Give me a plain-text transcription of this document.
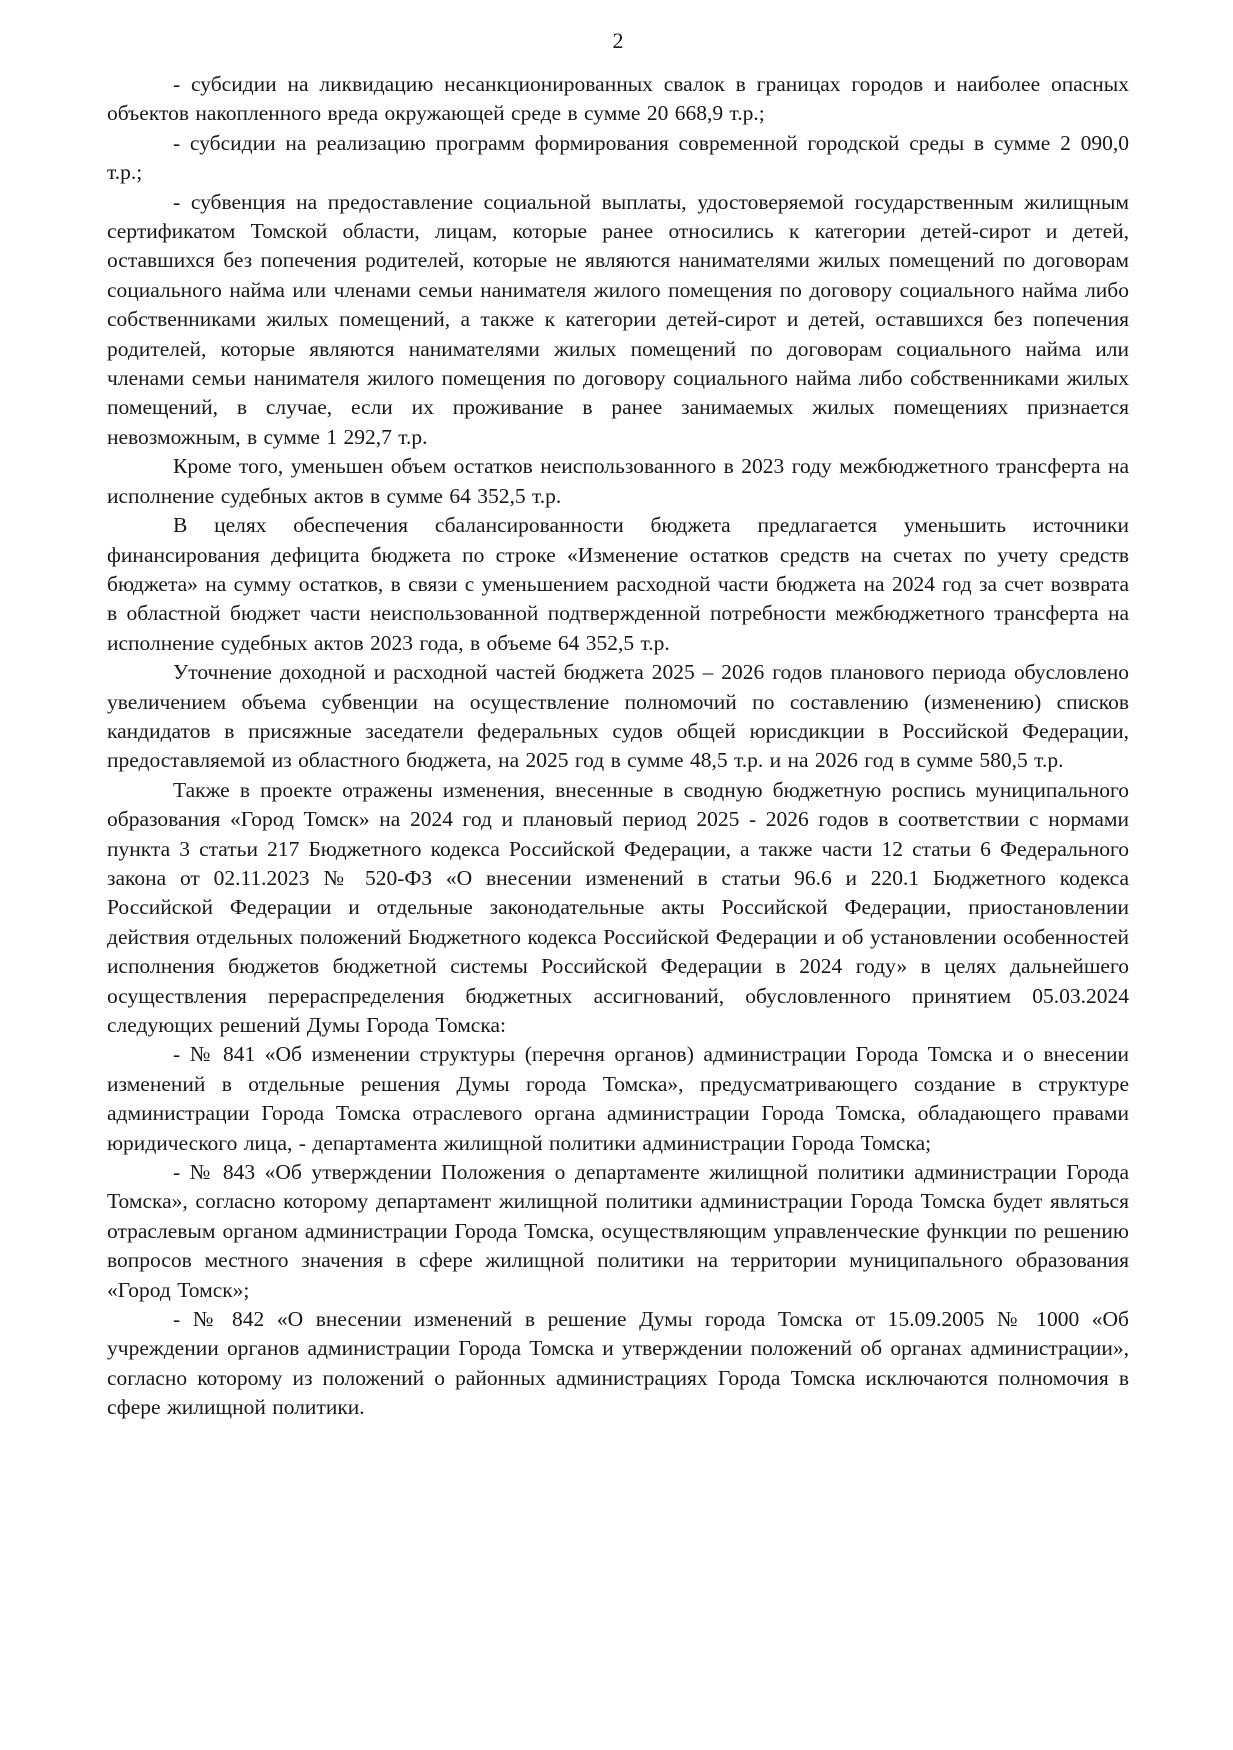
2

- субсидии на ликвидацию несанкционированных свалок в границах городов и наиболее опасных объектов накопленного вреда окружающей среде в сумме 20 668,9 т.р.;

- субсидии на реализацию программ формирования современной городской среды в сумме 2 090,0 т.р.;

- субвенция на предоставление социальной выплаты, удостоверяемой государственным жилищным сертификатом Томской области, лицам, которые ранее относились к категории детей-сирот и детей, оставшихся без попечения родителей, которые не являются нанимателями жилых помещений по договорам социального найма или членами семьи нанимателя жилого помещения по договору социального найма либо собственниками жилых помещений, а также к категории детей-сирот и детей, оставшихся без попечения родителей, которые являются нанимателями жилых помещений по договорам социального найма или членами семьи нанимателя жилого помещения по договору социального найма либо собственниками жилых помещений, в случае, если их проживание в ранее занимаемых жилых помещениях признается невозможным, в сумме 1 292,7 т.р.

Кроме того, уменьшен объем остатков неиспользованного в 2023 году межбюджетного трансферта на исполнение судебных актов в сумме 64 352,5 т.р.

В целях обеспечения сбалансированности бюджета предлагается уменьшить источники финансирования дефицита бюджета по строке «Изменение остатков средств на счетах по учету средств бюджета» на сумму остатков, в связи с уменьшением расходной части бюджета на 2024 год за счет возврата в областной бюджет части неиспользованной подтвержденной потребности межбюджетного трансферта на исполнение судебных актов 2023 года, в объеме 64 352,5 т.р.

Уточнение доходной и расходной частей бюджета 2025 – 2026 годов планового периода обусловлено увеличением объема субвенции на осуществление полномочий по составлению (изменению) списков кандидатов в присяжные заседатели федеральных судов общей юрисдикции в Российской Федерации, предоставляемой из областного бюджета, на 2025 год в сумме 48,5 т.р. и на 2026 год в сумме 580,5 т.р.

Также в проекте отражены изменения, внесенные в сводную бюджетную роспись муниципального образования «Город Томск» на 2024 год и плановый период 2025 - 2026 годов в соответствии с нормами пункта 3 статьи 217 Бюджетного кодекса Российской Федерации, а также части 12 статьи 6 Федерального закона от 02.11.2023 № 520-ФЗ «О внесении изменений в статьи 96.6 и 220.1 Бюджетного кодекса Российской Федерации и отдельные законодательные акты Российской Федерации, приостановлении действия отдельных положений Бюджетного кодекса Российской Федерации и об установлении особенностей исполнения бюджетов бюджетной системы Российской Федерации в 2024 году» в целях дальнейшего осуществления перераспределения бюджетных ассигнований, обусловленного принятием 05.03.2024 следующих решений Думы Города Томска:

- № 841 «Об изменении структуры (перечня органов) администрации Города Томска и о внесении изменений в отдельные решения Думы города Томска», предусматривающего создание в структуре администрации Города Томска отраслевого органа администрации Города Томска, обладающего правами юридического лица, - департамента жилищной политики администрации Города Томска;

- № 843 «Об утверждении Положения о департаменте жилищной политики администрации Города Томска», согласно которому департамент жилищной политики администрации Города Томска будет являться отраслевым органом администрации Города Томска, осуществляющим управленческие функции по решению вопросов местного значения в сфере жилищной политики на территории муниципального образования «Город Томск»;

- № 842 «О внесении изменений в решение Думы города Томска от 15.09.2005 № 1000 «Об учреждении органов администрации Города Томска и утверждении положений об органах администрации», согласно которому из положений о районных администрациях Города Томска исключаются полномочия в сфере жилищной политики.
